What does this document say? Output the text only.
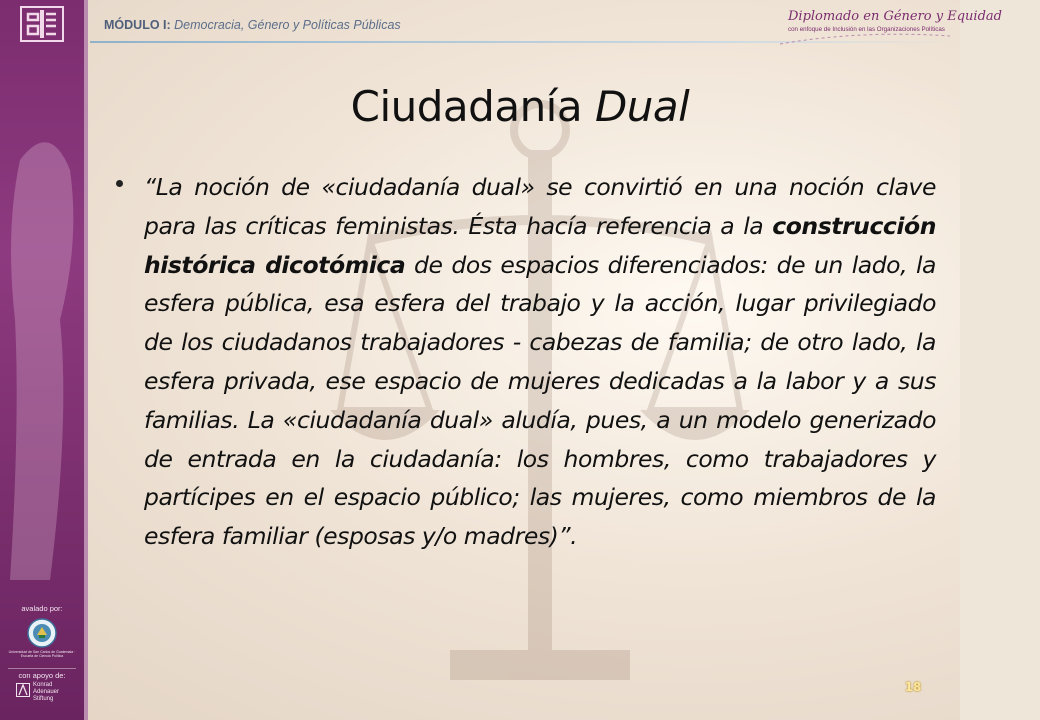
avalado por:
Universidad de San Carlos de Guatemala · Escuela de Ciencia Política
con apoyo de:
Konrad
Adenauer
Stiftung
MÓDULO I: Democracia, Género y Políticas Públicas
Diplomado en Género y Equidad
con enfoque de Inclusión en las Organizaciones Políticas
Ciudadanía Dual
“La noción de «ciudadanía dual» se convirtió en una noción clave para las críticas feministas. Ésta hacía referencia a la construcción histórica dicotómica de dos espacios diferenciados: de un lado, la esfera pública, esa esfera del trabajo y la acción, lugar privilegiado de los ciudadanos trabajadores - cabezas de familia; de otro lado, la esfera privada, ese espacio de mujeres dedicadas a la labor y a sus familias. La «ciudadanía dual» aludía, pues, a un modelo generizado de entrada en la ciudadanía: los hombres, como trabajadores y partícipes en el espacio público; las mujeres, como miembros de la esfera familiar (esposas y/o madres)”.
18
